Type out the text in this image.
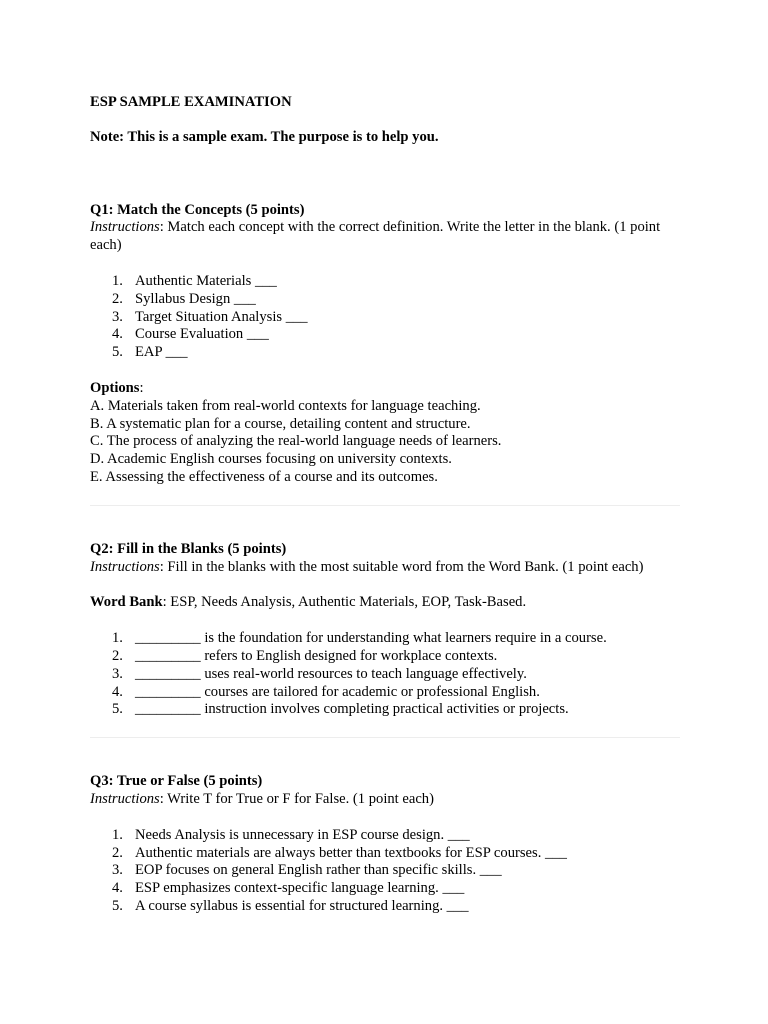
ESP SAMPLE EXAMINATION

Note: This is a sample exam. The purpose is to help you.

Q1: Match the Concepts (5 points)

Instructions: Match each concept with the correct definition. Write the letter in the blank. (1 point each)

1. Authentic Materials ___
2. Syllabus Design ___
3. Target Situation Analysis ___
4. Course Evaluation ___
5. EAP ___

Options:

A. Materials taken from real-world contexts for language teaching.

B. A systematic plan for a course, detailing content and structure.

C. The process of analyzing the real-world language needs of learners.

D. Academic English courses focusing on university contexts.

E. Assessing the effectiveness of a course and its outcomes.

Q2: Fill in the Blanks (5 points)

Instructions: Fill in the blanks with the most suitable word from the Word Bank. (1 point each)

Word Bank: ESP, Needs Analysis, Authentic Materials, EOP, Task-Based.

1. _________ is the foundation for understanding what learners require in a course.
2. _________ refers to English designed for workplace contexts.
3. _________ uses real-world resources to teach language effectively.
4. _________ courses are tailored for academic or professional English.
5. _________ instruction involves completing practical activities or projects.

Q3: True or False (5 points)

Instructions: Write T for True or F for False. (1 point each)

1. Needs Analysis is unnecessary in ESP course design. ___
2. Authentic materials are always better than textbooks for ESP courses. ___
3. EOP focuses on general English rather than specific skills. ___
4. ESP emphasizes context-specific language learning. ___
5. A course syllabus is essential for structured learning. ___
